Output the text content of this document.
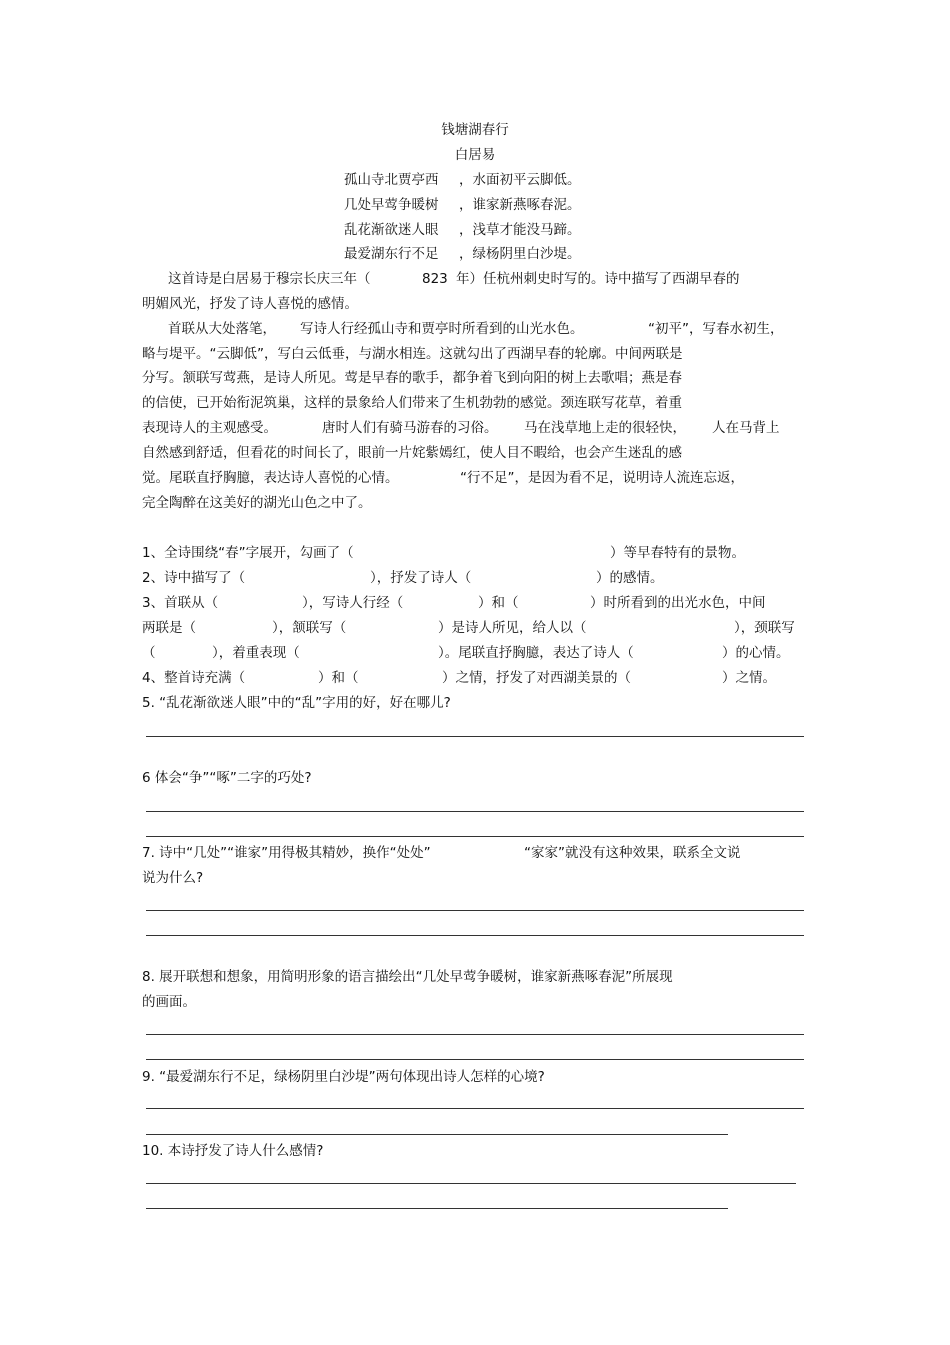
钱塘湖春行
白居易
孤山寺北贾亭西 ，水面初平云脚低。
几处早莺争暖树 ，谁家新燕啄春泥。
乱花渐欲迷人眼 ，浅草才能没马蹄。
最爱湖东行不足 ，绿杨阴里白沙堤。
这首诗是白居易于穆宗长庆三年（	823 年）任杭州刺史时写的。诗中描写了西湖早春的
明媚风光，抒发了诗人喜悦的感情。
首联从大处落笔， 写诗人行经孤山寺和贾亭时所看到的山光水色。	“初平”，写春水初生，
略与堤平。“云脚低”，写白云低垂，与湖水相连。这就勾出了西湖早春的轮廓。中间两联是
分写。颔联写莺燕，是诗人所见。莺是早春的歌手，都争着飞到向阳的树上去歌唱；燕是春
的信使，已开始衔泥筑巢，这样的景象给人们带来了生机勃勃的感觉。颈连联写花草，着重
表现诗人的主观感受。	唐时人们有骑马游春的习俗。 马在浅草地上走的很轻快， 人在马背上
自然感到舒适，但看花的时间长了，眼前一片姹紫嫣红，使人目不暇给，也会产生迷乱的感
觉。尾联直抒胸臆，表达诗人喜悦的心情。	“行不足”，是因为看不足，说明诗人流连忘返，
完全陶醉在这美好的湖光山色之中了。
1、全诗围绕“春”字展开，勾画了（	）等早春特有的景物。
2、诗中描写了（	），抒发了诗人（	）的感情。
3、首联从（	），写诗人行经（	）和（	）时所看到的出光水色，中间
两联是（	），颔联写（	）是诗人所见，给人以（	），颈联写
（	），着重表现（	）。尾联直抒胸臆，表达了诗人（	）的心情。
4、整首诗充满（	）和（	）之情，抒发了对西湖美景的（	）之情。
5. “乱花渐欲迷人眼”中的“乱”字用的好，好在哪儿?
6 体会“争”“啄”二字的巧处?
7. 诗中“几处”“谁家”用得极其精妙，换作“处处”	“家家”就没有这种效果，联系全文说
说为什么?
8. 展开联想和想象，用简明形象的语言描绘出“几处早莺争暖树，谁家新燕啄春泥”所展现
的画面。
9. “最爱湖东行不足，绿杨阴里白沙堤”两句体现出诗人怎样的心境?
10. 本诗抒发了诗人什么感情?
